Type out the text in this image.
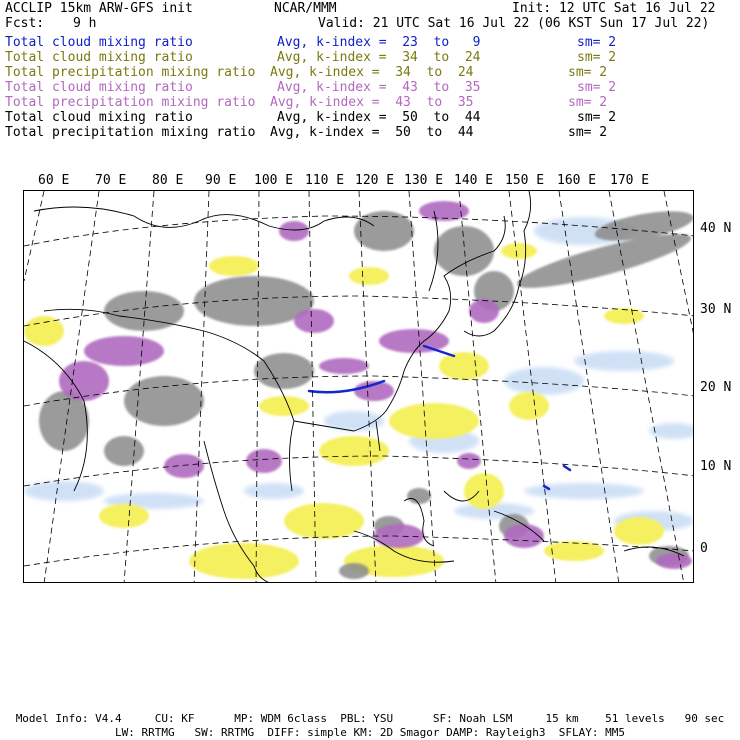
ACCLIP 15km ARW-GFS init	NCAR/MMM	Init: 12 UTC Sat 16 Jul 22
Fcst: 9 h	Valid: 21 UTC Sat 16 Jul 22 (06 KST Sun 17 Jul 22)
Total cloud mixing ratio	Avg, k-index =  23  to   9	sm= 2
Total cloud mixing ratio	Avg, k-index =  34  to  24	sm= 2
Total precipitation mixing ratio Avg, k-index =  34  to  24	sm= 2
Total cloud mixing ratio	Avg, k-index =  43  to  35	sm= 2
Total precipitation mixing ratio Avg, k-index =  43  to  35	sm= 2
Total cloud mixing ratio	Avg, k-index =  50  to  44	sm= 2
Total precipitation mixing ratio Avg, k-index =  50  to  44	sm= 2
60 E 70 E 80 E 90 E 100 E 110 E 120 E 130 E 140 E 150 E 160 E 170 E
40 N
30 N
20 N
10 N
0
Model Info: V4.4     CU: KF      MP: WDM 6class  PBL: YSU      SF: Noah LSM     15 km    51 levels   90 sec
LW: RRTMG   SW: RRTMG  DIFF: simple KM: 2D Smagor DAMP: Rayleigh3  SFLAY: MM5
